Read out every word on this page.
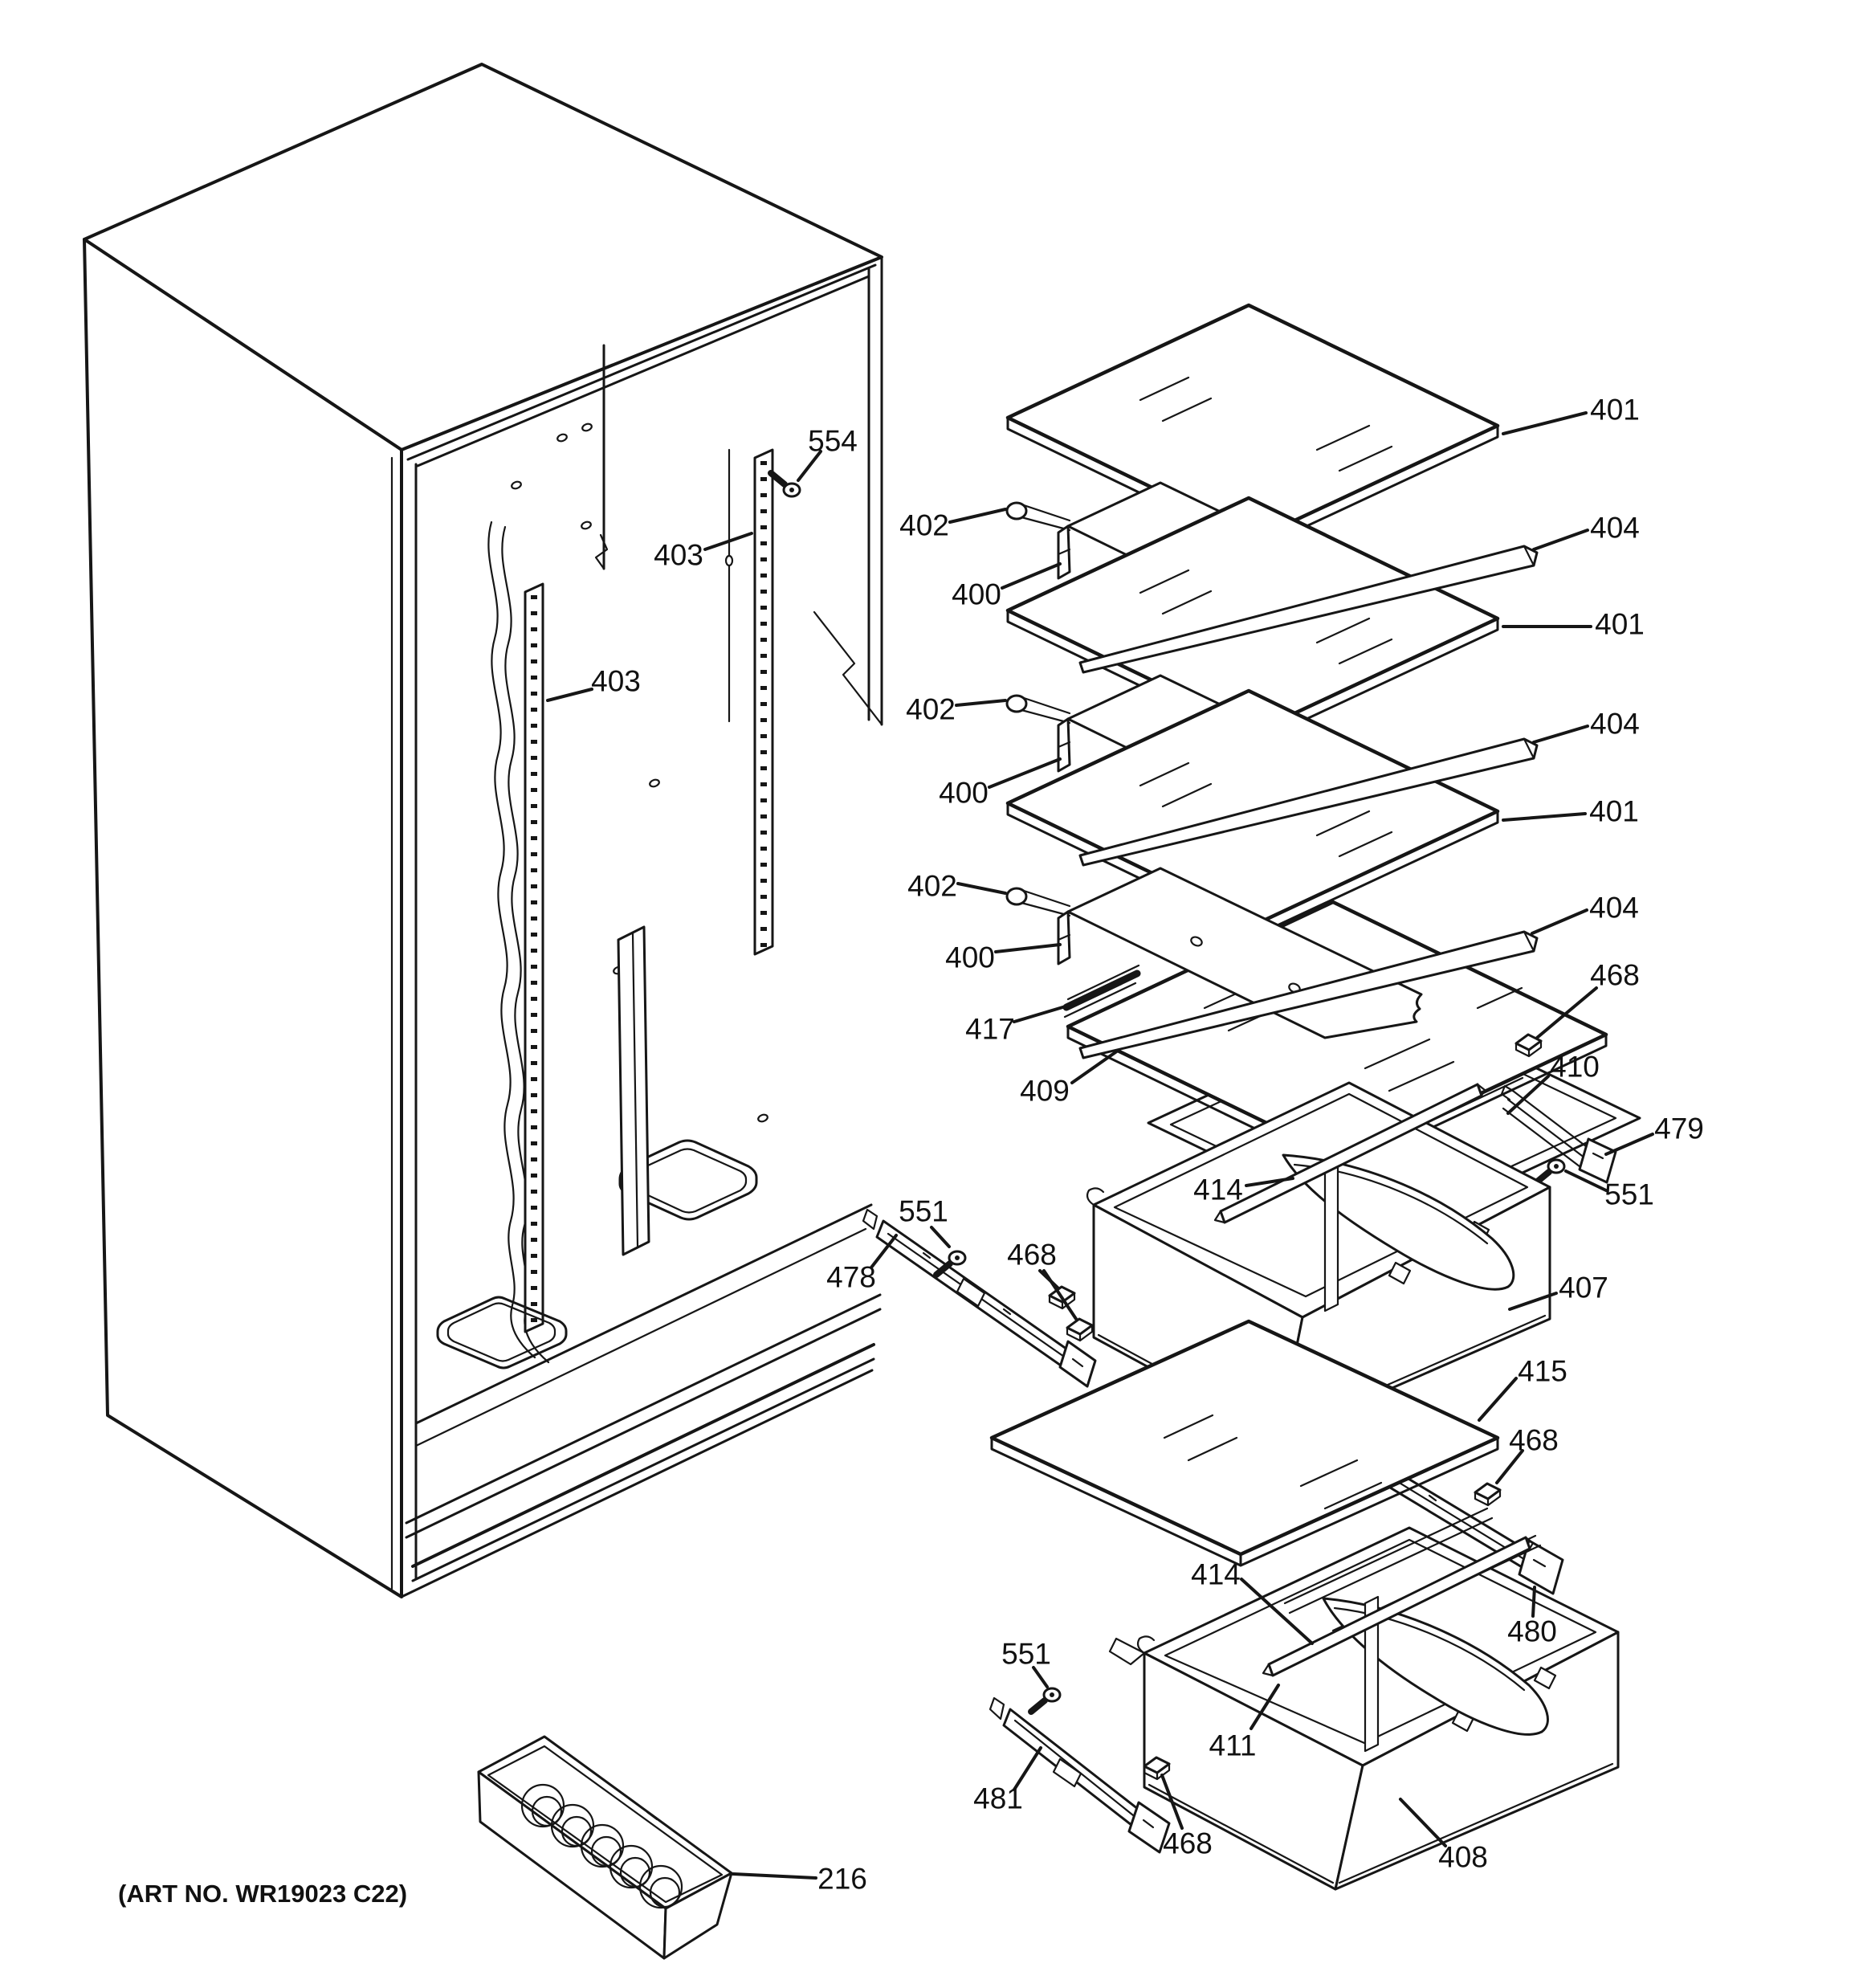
(ART NO. WR19023 C22)
554
403
403
401
402
400
404
401
402	404
400
401
402
404
400
417
468
409
410
479
551
414
551
468
407
478
415
468
414
480
551
411
481
468	408
216
